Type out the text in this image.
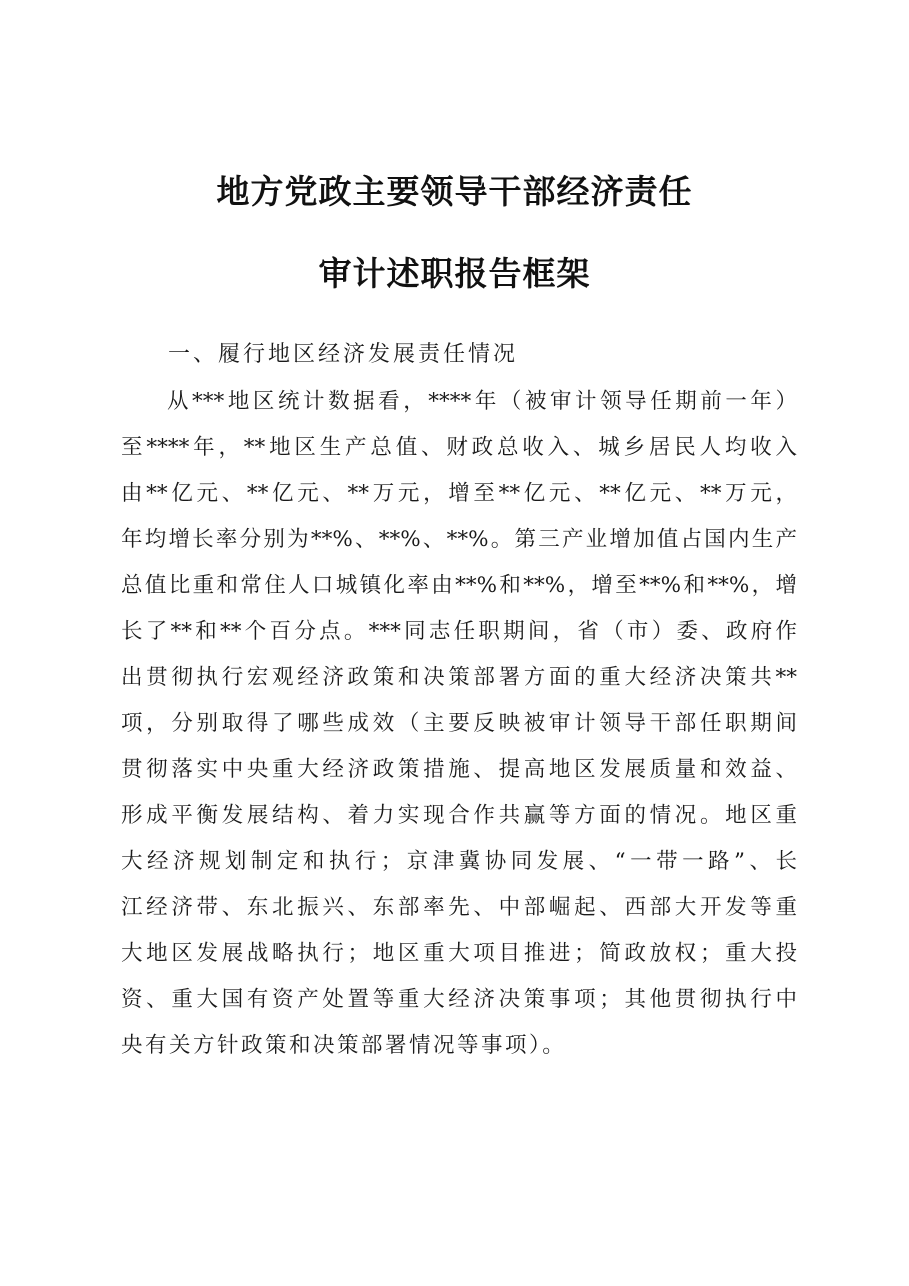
地方党政主要领导干部经济责任
审计述职报告框架
一、履行地区经济发展责任情况
从***地区统计数据看，****年（被审计领导任期前一年）
至****年，**地区生产总值、财政总收入、城乡居民人均收入
由**亿元、**亿元、**万元，增至**亿元、**亿元、**万元，
年均增长率分别为**%、**%、**%。第三产业增加值占国内生产
总值比重和常住人口城镇化率由**%和**%，增至**%和**%，增
长了**和**个百分点。***同志任职期间，省（市）委、政府作
出贯彻执行宏观经济政策和决策部署方面的重大经济决策共**
项，分别取得了哪些成效（主要反映被审计领导干部任职期间
贯彻落实中央重大经济政策措施、提高地区发展质量和效益、
形成平衡发展结构、着力实现合作共赢等方面的情况。地区重
大经济规划制定和执行；京津冀协同发展、“一带一路”、长
江经济带、东北振兴、东部率先、中部崛起、西部大开发等重
大地区发展战略执行；地区重大项目推进；简政放权；重大投
资、重大国有资产处置等重大经济决策事项；其他贯彻执行中
央有关方针政策和决策部署情况等事项）。
